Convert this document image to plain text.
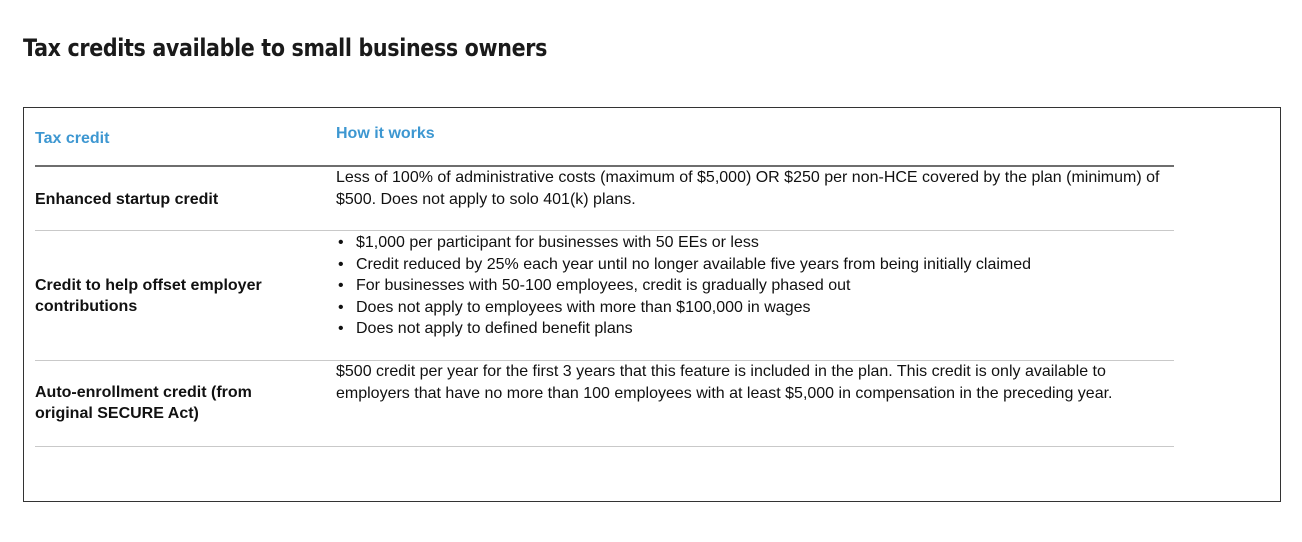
Tax credits available to small business owners
Tax credit	How it works
Enhanced startup credit
Less of 100% of administrative costs (maximum of $5,000) OR $250 per non-HCE covered by the plan (minimum) of $500. Does not apply to solo 401(k) plans.
Credit to help offset employer contributions
• $1,000 per participant for businesses with 50 EEs or less
• Credit reduced by 25% each year until no longer available five years from being initially claimed
• For businesses with 50-100 employees, credit is gradually phased out
• Does not apply to employees with more than $100,000 in wages
• Does not apply to defined benefit plans
Auto-enrollment credit (from original SECURE Act)
$500 credit per year for the first 3 years that this feature is included in the plan. This credit is only available to employers that have no more than 100 employees with at least $5,000 in compensation in the preceding year.
